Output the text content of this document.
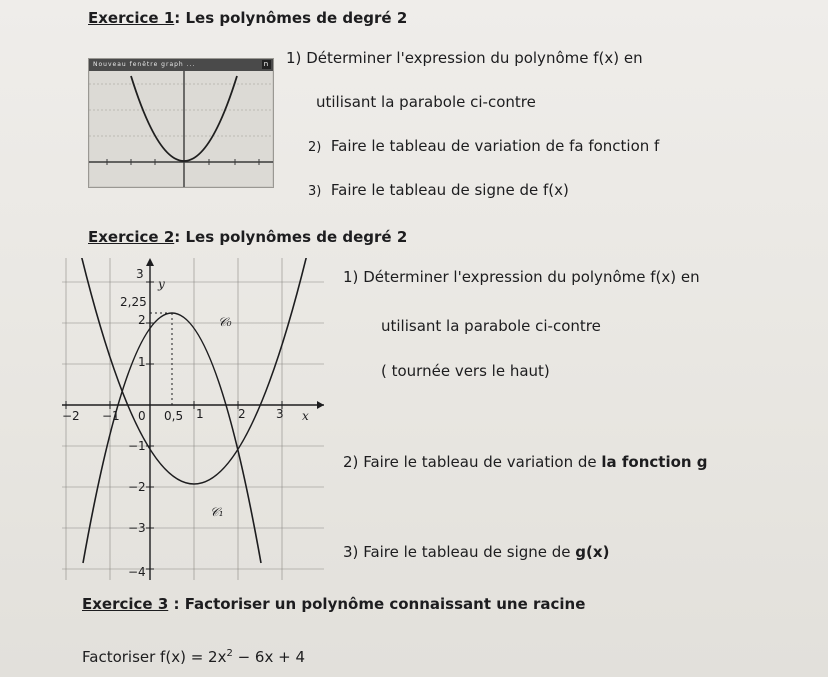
Exercice 1: Les polynômes de degré 2
Nouveau fenêtre graph ...	n 1) Déterminer l'expression du polynôme f(x) en
utilisant la parabole ci-contre
2) Faire le tableau de variation de fa fonction f
3) Faire le tableau de signe de f(x)
Exercice 2: Les polynômes de degré 2
3
y
2,25
2
1
−1
−2
−3
−4
−2 −1 0 0,5 1	2	3 x
𝒞₀
𝒞₁
1) Déterminer l'expression du polynôme f(x) en
utilisant la parabole ci-contre
( tournée vers le haut)
2) Faire le tableau de variation de la fonction g
3) Faire le tableau de signe de g(x)
Exercice 3 : Factoriser un polynôme connaissant une racine
Factoriser $f(x) = 2x^2 - 6x + 4$
